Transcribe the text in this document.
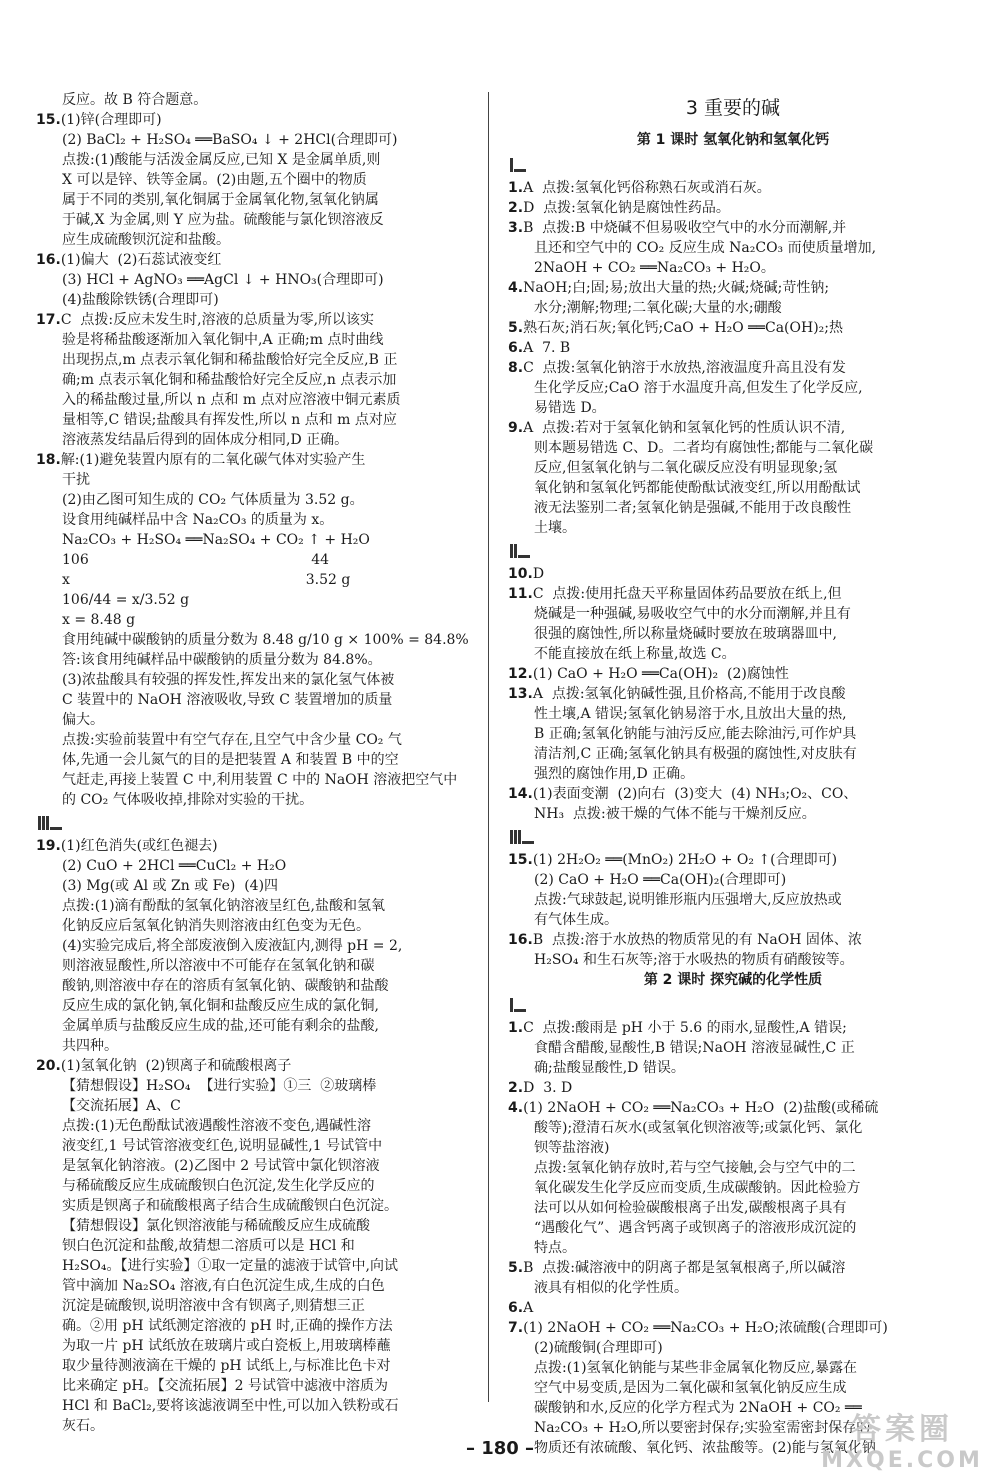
反应。故 B 符合题意。

15.(1)锌(合理即可)

(2) BaCl₂ + H₂SO₄ ══BaSO₄ ↓ + 2HCl(合理即可)

点拨:(1)酸能与活泼金属反应,已知 X 是金属单质,则

X 可以是锌、铁等金属。(2)由题,五个圈中的物质

属于不同的类别,氧化铜属于金属氧化物,氢氧化钠属

于碱,X 为金属,则 Y 应为盐。硫酸能与氯化钡溶液反

应生成硫酸钡沉淀和盐酸。

16.(1)偏大  (2)石蕊试液变红

(3) HCl + AgNO₃ ══AgCl ↓ + HNO₃(合理即可)

(4)盐酸除铁锈(合理即可)

17.C  点拨:反应未发生时,溶液的总质量为零,所以该实

验是将稀盐酸逐渐加入氧化铜中,A 正确;m 点时曲线

出现拐点,m 点表示氧化铜和稀盐酸恰好完全反应,B 正

确;m 点表示氧化铜和稀盐酸恰好完全反应,n 点表示加

入的稀盐酸过量,所以 n 点和 m 点对应溶液中铜元素质

量相等,C 错误;盐酸具有挥发性,所以 n 点和 m 点对应

溶液蒸发结晶后得到的固体成分相同,D 正确。

18.解:(1)避免装置内原有的二氧化碳气体对实验产生

干扰

(2)由乙图可知生成的 CO₂ 气体质量为 3.52 g。

设食用纯碱样品中含 Na₂CO₃ 的质量为 x。

Na₂CO₃ + H₂SO₄ ══Na₂SO₄ + CO₂ ↑ + H₂O

106                                                  44

x                                                     3.52 g

106/44 = x/3.52 g

x = 8.48 g

食用纯碱中碳酸钠的质量分数为 8.48 g/10 g × 100% = 84.8%

答:该食用纯碱样品中碳酸钠的质量分数为 84.8%。

(3)浓盐酸具有较强的挥发性,挥发出来的氯化氢气体被

C 装置中的 NaOH 溶液吸收,导致 C 装置增加的质量

偏大。

点拨:实验前装置中有空气存在,且空气中含少量 CO₂ 气

体,先通一会儿氮气的目的是把装置 A 和装置 B 中的空

气赶走,再接上装置 C 中,利用装置 C 中的 NaOH 溶液把空气中

的 CO₂ 气体吸收掉,排除对实验的干扰。

19.(1)红色消失(或红色褪去)

(2) CuO + 2HCl ══CuCl₂ + H₂O

(3) Mg(或 Al 或 Zn 或 Fe)  (4)四

点拨:(1)滴有酚酞的氢氧化钠溶液呈红色,盐酸和氢氧

化钠反应后氢氧化钠消失则溶液由红色变为无色。

(4)实验完成后,将全部废液倒入废液缸内,测得 pH = 2,

则溶液显酸性,所以溶液中不可能存在氢氧化钠和碳

酸钠,则溶液中存在的溶质有氢氧化钠、碳酸钠和盐酸

反应生成的氯化钠,氧化铜和盐酸反应生成的氯化铜,

金属单质与盐酸反应生成的盐,还可能有剩余的盐酸,

共四种。

20.(1)氢氧化钠  (2)钡离子和硫酸根离子

【猜想假设】H₂SO₄  【进行实验】①三  ②玻璃棒

【交流拓展】A、C

点拨:(1)无色酚酞试液遇酸性溶液不变色,遇碱性溶

液变红,1 号试管溶液变红色,说明显碱性,1 号试管中

是氢氧化钠溶液。(2)乙图中 2 号试管中氯化钡溶液

与稀硫酸反应生成硫酸钡白色沉淀,发生化学反应的

实质是钡离子和硫酸根离子结合生成硫酸钡白色沉淀。

【猜想假设】氯化钡溶液能与稀硫酸反应生成硫酸

钡白色沉淀和盐酸,故猜想二溶质可以是 HCl 和

H₂SO₄。【进行实验】①取一定量的滤液于试管中,向试

管中滴加 Na₂SO₄ 溶液,有白色沉淀生成,生成的白色

沉淀是硫酸钡,说明溶液中含有钡离子,则猜想三正

确。②用 pH 试纸测定溶液的 pH 时,正确的操作方法

为取一片 pH 试纸放在玻璃片或白瓷板上,用玻璃棒蘸

取少量待测液滴在干燥的 pH 试纸上,与标准比色卡对

比来确定 pH。【交流拓展】2 号试管中滤液中溶质为

HCl 和 BaCl₂,要将该滤液调至中性,可以加入铁粉或石

灰石。

3 重要的碱
第 1 课时 氢氧化钠和氢氧化钙

1.A  点拨:氢氧化钙俗称熟石灰或消石灰。

2.D  点拨:氢氧化钠是腐蚀性药品。

3.B  点拨:B 中烧碱不但易吸收空气中的水分而潮解,并

且还和空气中的 CO₂ 反应生成 Na₂CO₃ 而使质量增加,

2NaOH + CO₂ ══Na₂CO₃ + H₂O。

4.NaOH;白;固;易;放出大量的热;火碱;烧碱;苛性钠;

水分;潮解;物理;二氧化碳;大量的水;硼酸

5.熟石灰;消石灰;氧化钙;CaO + H₂O ══Ca(OH)₂;热

6.A  7. B

8.C  点拨:氢氧化钠溶于水放热,溶液温度升高且没有发

生化学反应;CaO 溶于水温度升高,但发生了化学反应,

易错选 D。

9.A  点拨:若对于氢氧化钠和氢氧化钙的性质认识不清,

则本题易错选 C、D。二者均有腐蚀性;都能与二氧化碳

反应,但氢氧化钠与二氧化碳反应没有明显现象;氢

氧化钠和氢氧化钙都能使酚酞试液变红,所以用酚酞试

液无法鉴别二者;氢氧化钠是强碱,不能用于改良酸性

土壤。

10.D

11.C  点拨:使用托盘天平称量固体药品要放在纸上,但

烧碱是一种强碱,易吸收空气中的水分而潮解,并且有

很强的腐蚀性,所以称量烧碱时要放在玻璃器皿中,

不能直接放在纸上称量,故选 C。

12.(1) CaO + H₂O ══Ca(OH)₂  (2)腐蚀性

13.A  点拨:氢氧化钠碱性强,且价格高,不能用于改良酸

性土壤,A 错误;氢氧化钠易溶于水,且放出大量的热,

B 正确;氢氧化钠能与油污反应,能去除油污,可作炉具

清洁剂,C 正确;氢氧化钠具有极强的腐蚀性,对皮肤有

强烈的腐蚀作用,D 正确。

14.(1)表面变潮  (2)向右  (3)变大  (4) NH₃;O₂、CO、

NH₃  点拨:被干燥的气体不能与干燥剂反应。

15.(1) 2H₂O₂ ══(MnO₂) 2H₂O + O₂ ↑(合理即可)

(2) CaO + H₂O ══Ca(OH)₂(合理即可)

点拨:气球鼓起,说明锥形瓶内压强增大,反应放热或

有气体生成。

16.B  点拨:溶于水放热的物质常见的有 NaOH 固体、浓

H₂SO₄ 和生石灰等;溶于水吸热的物质有硝酸铵等。

第 2 课时 探究碱的化学性质

1.C  点拨:酸雨是 pH 小于 5.6 的雨水,显酸性,A 错误;

食醋含醋酸,显酸性,B 错误;NaOH 溶液显碱性,C 正

确;盐酸显酸性,D 错误。

2.D  3. D

4.(1) 2NaOH + CO₂ ══Na₂CO₃ + H₂O  (2)盐酸(或稀硫

酸等);澄清石灰水(或氢氧化钡溶液等;或氯化钙、氯化

钡等盐溶液)

点拨:氢氧化钠存放时,若与空气接触,会与空气中的二

氧化碳发生化学反应而变质,生成碳酸钠。因此检验方

法可以从如何检验碳酸根离子出发,碳酸根离子具有

“遇酸化气”、遇含钙离子或钡离子的溶液形成沉淀的

特点。

5.B  点拨:碱溶液中的阴离子都是氢氧根离子,所以碱溶

液具有相似的化学性质。

6.A

7.(1) 2NaOH + CO₂ ══Na₂CO₃ + H₂O;浓硫酸(合理即可)

(2)硫酸铜(合理即可)

点拨:(1)氢氧化钠能与某些非金属氧化物反应,暴露在

空气中易变质,是因为二氧化碳和氢氧化钠反应生成

碳酸钠和水,反应的化学方程式为 2NaOH + CO₂ ══

Na₂CO₃ + H₂O,所以要密封保存;实验室需密封保存的

物质还有浓硫酸、氧化钙、浓盐酸等。(2)能与氢氧化钠

– 180 –
答案圈
MXQE.COM
